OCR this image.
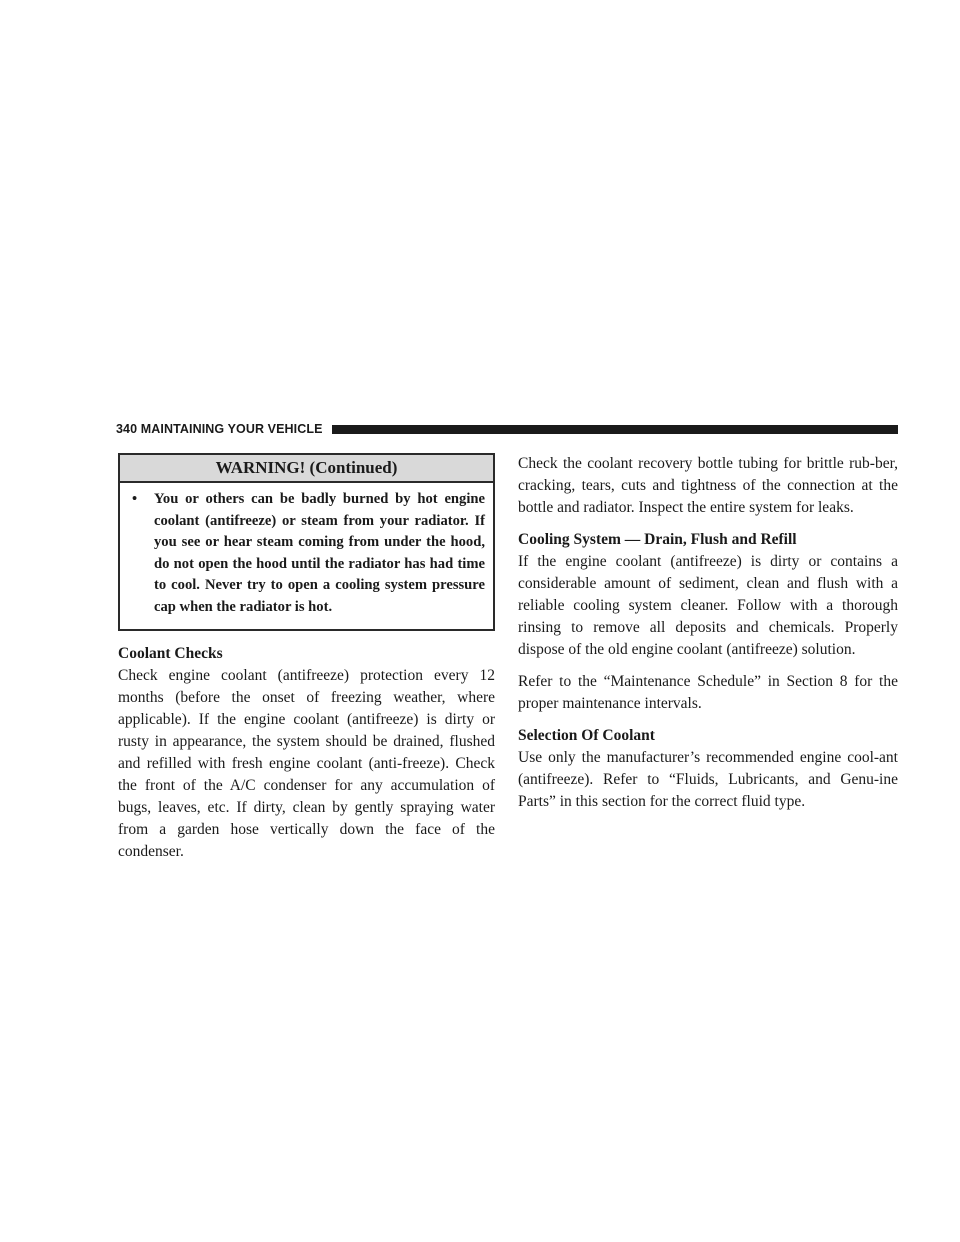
340 MAINTAINING YOUR VEHICLE
WARNING! (Continued)
•	You or others can be badly burned by hot engine coolant (antifreeze) or steam from your radiator. If you see or hear steam coming from under the hood, do not open the hood until the radiator has had time to cool. Never try to open a cooling system pressure cap when the radiator is hot.
Coolant Checks
Check engine coolant (antifreeze) protection every 12 months (before the onset of freezing weather, where applicable). If the engine coolant (antifreeze) is dirty or rusty in appearance, the system should be drained, flushed and refilled with fresh engine coolant (anti-freeze). Check the front of the A/C condenser for any accumulation of bugs, leaves, etc. If dirty, clean by gently spraying water from a garden hose vertically down the face of the condenser.
Check the coolant recovery bottle tubing for brittle rub-ber, cracking, tears, cuts and tightness of the connection at the bottle and radiator. Inspect the entire system for leaks.
Cooling System — Drain, Flush and Refill
If the engine coolant (antifreeze) is dirty or contains a considerable amount of sediment, clean and flush with a reliable cooling system cleaner. Follow with a thorough rinsing to remove all deposits and chemicals. Properly dispose of the old engine coolant (antifreeze) solution.
Refer to the “Maintenance Schedule” in Section 8 for the proper maintenance intervals.
Selection Of Coolant
Use only the manufacturer’s recommended engine cool-ant (antifreeze). Refer to “Fluids, Lubricants, and Genu-ine Parts” in this section for the correct fluid type.
